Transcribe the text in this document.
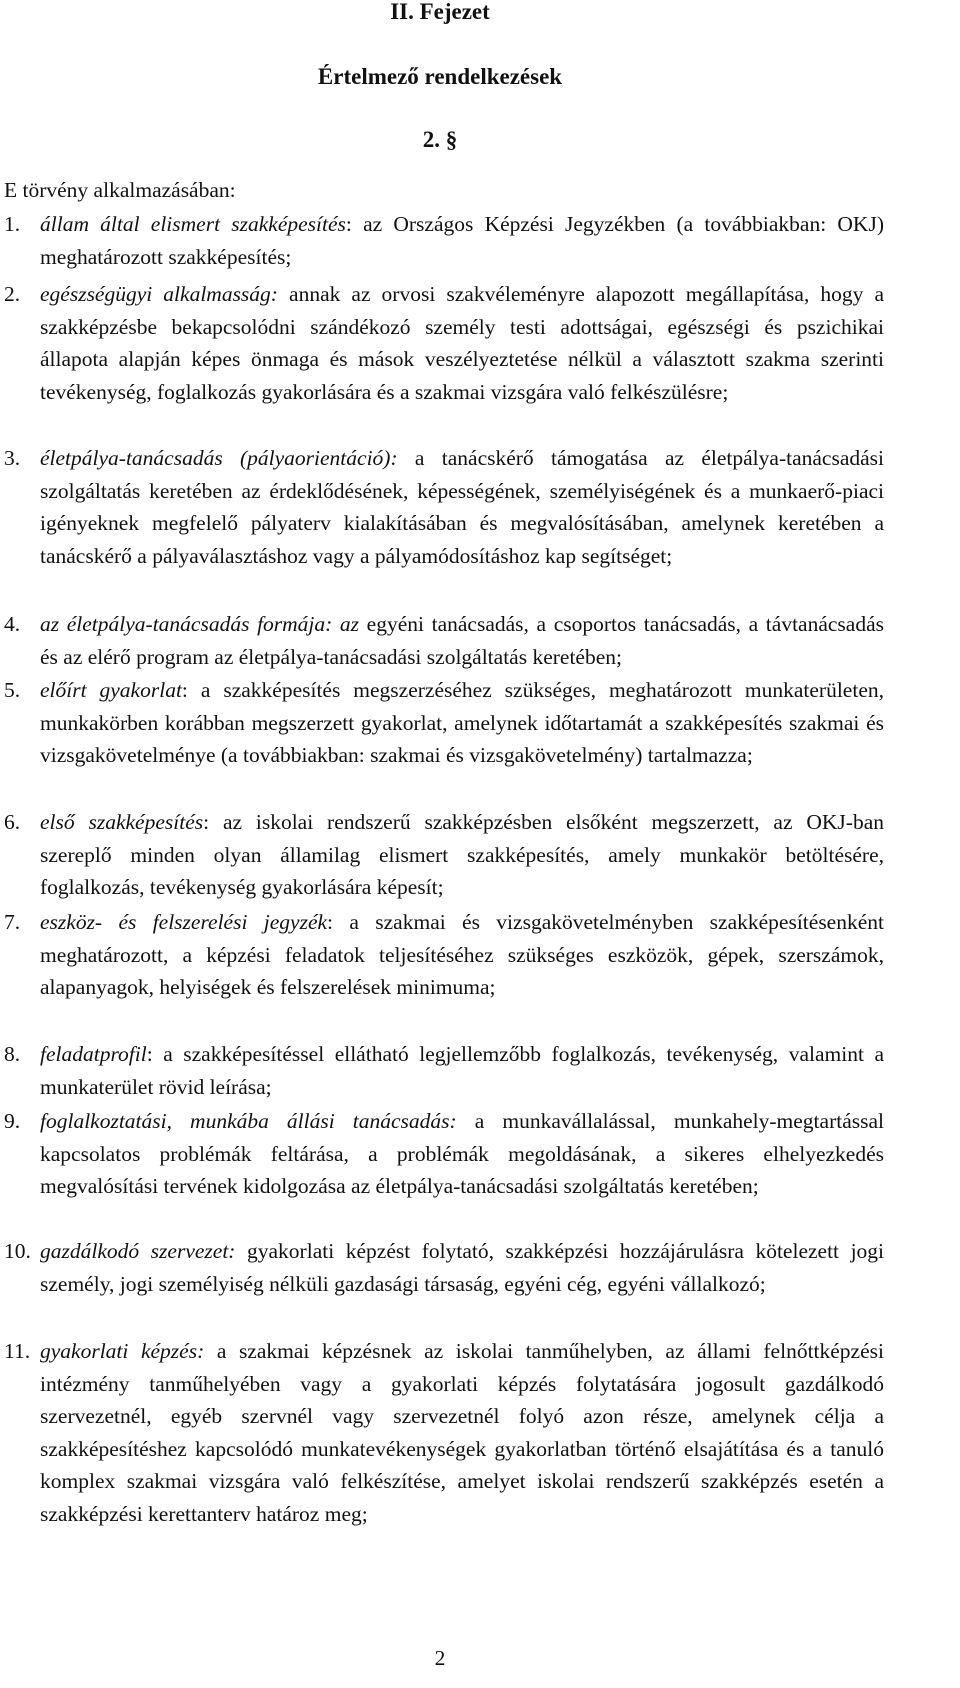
II. Fejezet
Értelmező rendelkezések
2. §
E törvény alkalmazásában:
1. állam által elismert szakképesítés: az Országos Képzési Jegyzékben (a továbbiakban: OKJ) meghatározott szakképesítés;
2. egészségügyi alkalmasság: annak az orvosi szakvéleményre alapozott megállapítása, hogy a szakképzésbe bekapcsolódni szándékozó személy testi adottságai, egészségi és pszichikai állapota alapján képes önmaga és mások veszélyeztetése nélkül a választott szakma szerinti tevékenység, foglalkozás gyakorlására és a szakmai vizsgára való felkészülésre;
3. életpálya-tanácsadás (pályaorientáció): a tanácskérő támogatása az életpálya-tanácsadási szolgáltatás keretében az érdeklődésének, képességének, személyiségének és a munkaerő-piaci igényeknek megfelelő pályaterv kialakításában és megvalósításában, amelynek keretében a tanácskérő a pályaválasztáshoz vagy a pályamódosításhoz kap segítséget;
4. az életpálya-tanácsadás formája: az egyéni tanácsadás, a csoportos tanácsadás, a távtanácsadás és az elérő program az életpálya-tanácsadási szolgáltatás keretében;
5. előírt gyakorlat: a szakképesítés megszerzéséhez szükséges, meghatározott munkaterületen, munkakörben korábban megszerzett gyakorlat, amelynek időtartamát a szakképesítés szakmai és vizsgakövetelménye (a továbbiakban: szakmai és vizsgakövetelmény) tartalmazza;
6. első szakképesítés: az iskolai rendszerű szakképzésben elsőként megszerzett, az OKJ-ban szereplő minden olyan államilag elismert szakképesítés, amely munkakör betöltésére, foglalkozás, tevékenység gyakorlására képesít;
7. eszköz- és felszerelési jegyzék: a szakmai és vizsgakövetelményben szakképesítésenként meghatározott, a képzési feladatok teljesítéséhez szükséges eszközök, gépek, szerszámok, alapanyagok, helyiségek és felszerelések minimuma;
8. feladatprofil: a szakképesítéssel ellátható legjellemzőbb foglalkozás, tevékenység, valamint a munkaterület rövid leírása;
9. foglalkoztatási, munkába állási tanácsadás: a munkavállalással, munkahely-megtartással kapcsolatos problémák feltárása, a problémák megoldásának, a sikeres elhelyezkedés megvalósítási tervének kidolgozása az életpálya-tanácsadási szolgáltatás keretében;
10. gazdálkodó szervezet: gyakorlati képzést folytató, szakképzési hozzájárulásra kötelezett jogi személy, jogi személyiség nélküli gazdasági társaság, egyéni cég, egyéni vállalkozó;
11. gyakorlati képzés: a szakmai képzésnek az iskolai tanműhelyben, az állami felnőttképzési intézmény tanműhelyében vagy a gyakorlati képzés folytatására jogosult gazdálkodó szervezetnél, egyéb szervnél vagy szervezetnél folyó azon része, amelynek célja a szakképesítéshez kapcsolódó munkatevékenységek gyakorlatban történő elsajátítása és a tanuló komplex szakmai vizsgára való felkészítése, amelyet iskolai rendszerű szakképzés esetén a szakképzési kerettanterv határoz meg;
2
